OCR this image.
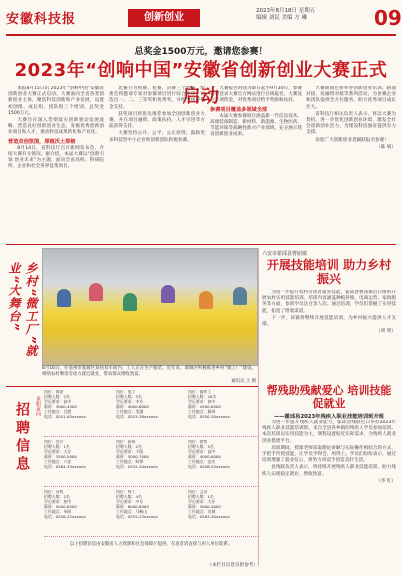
安徽科技报	创新创业
2023年8月18日 星期五
编辑 刘民 美编 方 琳	09
总奖金1500万元，邀请您参赛！
2023年“创响中国”安徽省创新创业大赛正式启动
本报8月15日讯 2023年“创响中国”安徽省创新创业大赛正式启动。大赛面向全省各类创新创业主体，聚焦科技创新和产业发展，设置初创组、成长组、团队组三个组别，总奖金1500万元。
大赛旨在深入贯彻落实创新驱动发展战略，营造良好创新创业生态，发掘优秀创新创业项目和人才，推动科技成果转化和产业化。
营造双创氛围，厚植沃土厚植
8月14日，省科技厅召开新闻发布会，介绍大赛有关情况。据介绍，本届大赛以“创新引领 创业未来”为主题，面向全省高校、科研院所、企业和社会各界征集项目。
比赛分为初赛、复赛、决赛三个阶段，组委会将邀请专家对参赛项目进行综合评审，评选出一、二、三等奖和优秀奖，并给予相应奖金支持。
获奖项目将优先推荐参加全国创新创业大赛，并在项目融资、政策扶持、人才引进等方面获得支持。
大赛坚持公开、公平、公正原则，鼓励更多科技型中小企业和创新团队积极参赛。
大赛报名时间为即日起至9月30日，参赛者可登录大赛官方网站进行在线报名。大赛设立专项资金，对优秀项目给予奖励和扶持。
参赛项目覆盖多领域全部
本届大赛参赛项目涵盖新一代信息技术、高端装备制造、新材料、新能源、生物医药、节能环保等战略性新兴产业领域，充分展示我省创新创业成果。
大赛期间还将举办创新创业培训、路演对接、投融资对接等系列活动，为参赛企业和团队提供全方位服务，助力优秀项目成长壮大。
省科技厅相关负责人表示，将以大赛为契机，进一步优化创新创业环境，激发全社会创新创业活力，为建设科技强省提供有力支撑。
欢迎广大创新创业者踊跃报名参赛！
（陈 娟）
乡村“微工厂”就业“大舞台”
8月16日，在亳州市谯城区某扶贫车间内，工人正在生产服装。近年来，谯城区积极推进乡村“微工厂”建设，吸纳农村剩余劳动力就近就业，带动群众增收致富。
通讯员 王 摄
六安市霍邱县曹庙镇
开展技能培训 助力乡村振兴
为进一步提升农村劳动者就业技能，霍邱县曹庙镇近日组织开展农村实用技能培训。培训内容涵盖种植养殖、电商运营、家政服务等方面，参训学员达百余人次。通过培训，学员们掌握了实用技能，拓宽了增收渠道。
下一步，该镇将继续开展技能培训，为乡村振兴提供人才支撑。
（周 明）
帮残助残献爱心 培训技能促就业
——霍邱县2023年残疾人职业技能培训班开班
为进一步提升残疾人就业能力，霍邱县残联近日举办2023年残疾人职业技能培训班，来自全县各乡镇的残疾人学员参加培训。本次培训以实用技能为主，课程设置贴近实际需求，为残疾人就业创业搭建平台。
培训期间，授课老师采取理论讲解与实际操作相结合的方式，手把手传授技能，让学员学得会、用得上。学员们纷纷表示，通过培训增强了就业信心，将努力用双手创造美好生活。
县残联负责人表示，将持续开展残疾人职业技能培训，助力残疾人实现稳定就业、增收致富。
（李 红）
招聘信息	求职意向
岗位：保安
招聘人数：2名
学历要求：高中
薪资：3000-4500
工作地点：合肥
电话：0551-65xxxxxx
岗位：电工
招聘人数：3名
学历要求：中专
薪资：4000-6000
工作地点：芜湖
电话：0553-38xxxxxx
岗位：操作工
招聘人数：20名
学历要求：初中
薪资：4500-6500
工作地点：滁州
电话：0550-30xxxxxx
岗位：会计
招聘人数：1名
学历要求：大专
薪资：3500-5000
工作地点：六安
电话：0564-33xxxxxx
岗位：厨师
招聘人数：2名
学历要求：不限
薪资：5000-7000
工作地点：蚌埠
电话：0552-20xxxxxx
岗位：销售
招聘人数：5名
学历要求：高中
薪资：4000-8000
工作地点：安庆
电话：0556-55xxxxxx
岗位：司机
招聘人数：2名
学历要求：初中
薪资：5000-6500
工作地点：阜阳
电话：0558-22xxxxxx
岗位：焊工
招聘人数：4名
学历要求：中专
薪资：6000-8000
工作地点：马鞍山
电话：0555-23xxxxxx
岗位：文员
招聘人数：1名
学历要求：大专
薪资：3000-4000
工作地点：宣城
电话：0563-30xxxxxx
以上招聘信息由安徽省人力资源和社会保障厅提供，有意者请直接与用人单位联系。
（本栏目信息仅供参考）
